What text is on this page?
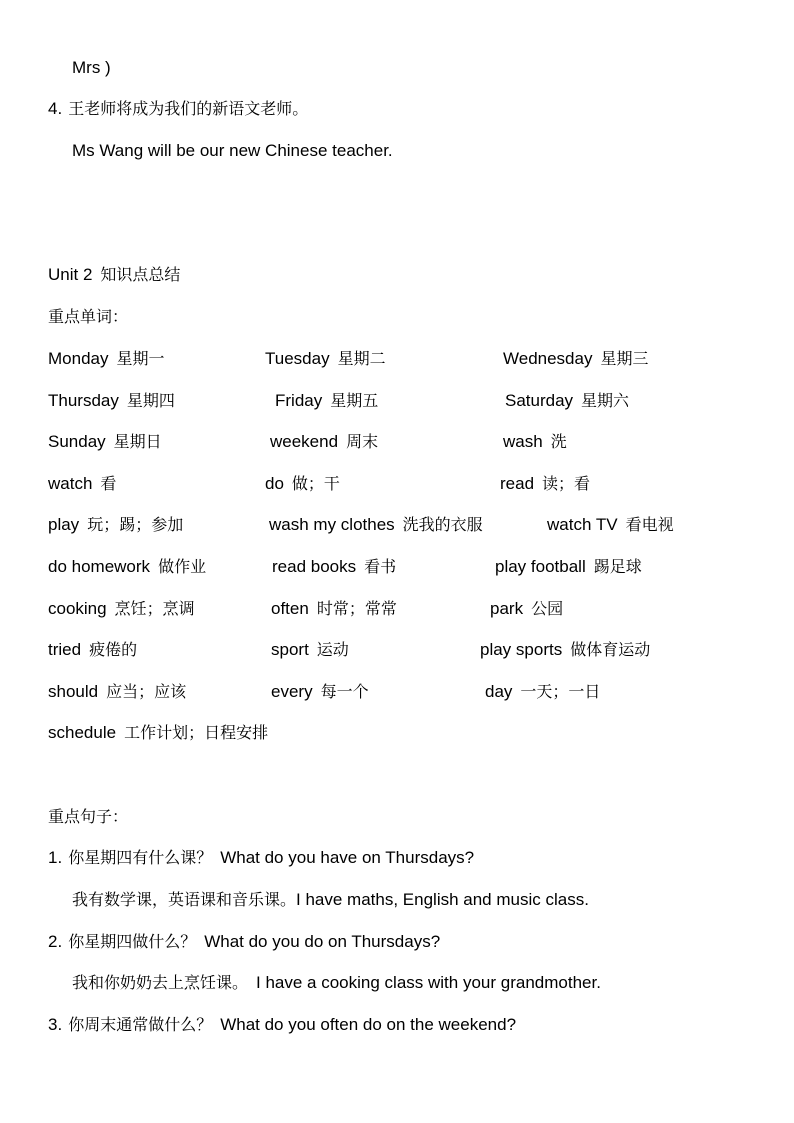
Mrs )
4. 王老师将成为我们的新语文老师。
Ms Wang will be our new Chinese teacher.
Unit 2 知识点总结
重点单词：
Monday 星期一	Tuesday 星期二	Wednesday 星期三
Thursday 星期四	Friday 星期五	Saturday 星期六
Sunday 星期日	weekend 周末	wash 洗
watch 看	do 做；干	read 读；看
play 玩；踢；参加	wash my clothes 洗我的衣服	watch TV 看电视
do homework 做作业	read books 看书	play football 踢足球
cooking 烹饪；烹调	often 时常；常常	park 公园
tried 疲倦的	sport 运动	play sports 做体育运动
should 应当；应该	every 每一个	day 一天；一日
schedule 工作计划；日程安排
重点句子：
1. 你星期四有什么课？ What do you have on Thursdays?
我有数学课，英语课和音乐课。I have maths, English and music class.
2. 你星期四做什么？ What do you do on Thursdays?
我和你奶奶去上烹饪课。 I have a cooking class with your grandmother.
3. 你周末通常做什么？ What do you often do on the weekend?
